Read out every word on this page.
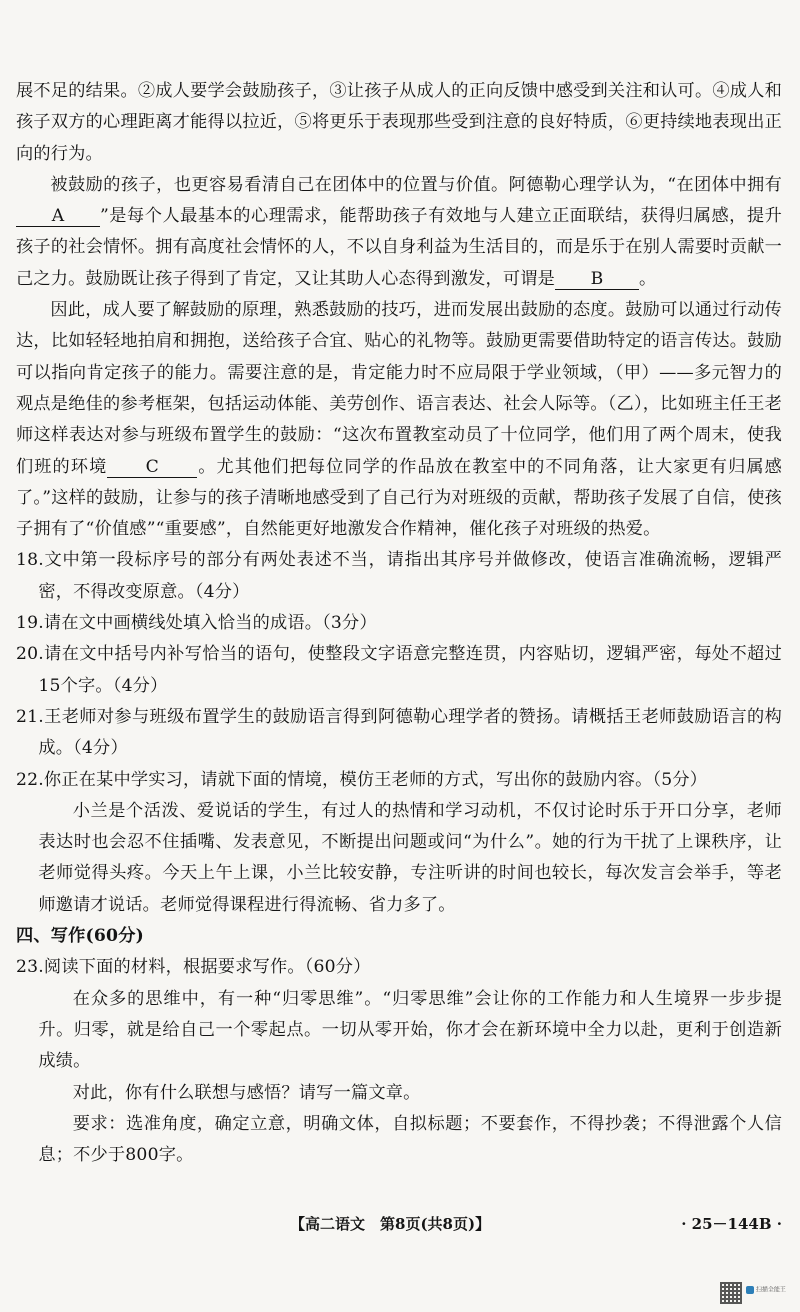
展不足的结果。②成人要学会鼓励孩子，③让孩子从成人的正向反馈中感受到关注和认可。④成人和孩子双方的心理距离才能得以拉近，⑤将更乐于表现那些受到注意的良好特质，⑥更持续地表现出正向的行为。

被鼓励的孩子，也更容易看清自己在团体中的位置与价值。阿德勒心理学认为，“在团体中拥有A ”是每个人最基本的心理需求，能帮助孩子有效地与人建立正面联结，获得归属感，提升孩子的社会情怀。拥有高度社会情怀的人，不以自身利益为生活目的，而是乐于在别人需要时贡献一己之力。鼓励既让孩子得到了肯定，又让其助人心态得到激发，可谓是 B 。

因此，成人要了解鼓励的原理，熟悉鼓励的技巧，进而发展出鼓励的态度。鼓励可以通过行动传达，比如轻轻地拍肩和拥抱，送给孩子合宜、贴心的礼物等。鼓励更需要借助特定的语言传达。鼓励可以指向肯定孩子的能力。需要注意的是，肯定能力时不应局限于学业领域，（甲）——多元智力的观点是绝佳的参考框架，包括运动体能、美劳创作、语言表达、社会人际等。（乙），比如班主任王老师这样表达对参与班级布置学生的鼓励：“这次布置教室动员了十位同学，他们用了两个周末，使我们班的环境 C 。尤其他们把每位同学的作品放在教室中的不同角落，让大家更有归属感了。”这样的鼓励，让参与的孩子清晰地感受到了自己行为对班级的贡献，帮助孩子发展了自信，使孩子拥有了“价值感”“重要感”，自然能更好地激发合作精神，催化孩子对班级的热爱。

18.文中第一段标序号的部分有两处表述不当，请指出其序号并做修改，使语言准确流畅，逻辑严密，不得改变原意。（4分）

19.请在文中画横线处填入恰当的成语。（3分）

20.请在文中括号内补写恰当的语句，使整段文字语意完整连贯，内容贴切，逻辑严密，每处不超过15个字。（4分）

21.王老师对参与班级布置学生的鼓励语言得到阿德勒心理学者的赞扬。请概括王老师鼓励语言的构成。（4分）

22.你正在某中学实习，请就下面的情境，模仿王老师的方式，写出你的鼓励内容。（5分）

小兰是个活泼、爱说话的学生，有过人的热情和学习动机，不仅讨论时乐于开口分享，老师表达时也会忍不住插嘴、发表意见，不断提出问题或问“为什么”。她的行为干扰了上课秩序，让老师觉得头疼。今天上午上课，小兰比较安静，专注听讲的时间也较长，每次发言会举手，等老师邀请才说话。老师觉得课程进行得流畅、省力多了。

四、写作(60分)

23.阅读下面的材料，根据要求写作。（60分）

在众多的思维中，有一种“归零思维”。“归零思维”会让你的工作能力和人生境界一步步提升。归零，就是给自己一个零起点。一切从零开始，你才会在新环境中全力以赴，更利于创造新成绩。

对此，你有什么联想与感悟？请写一篇文章。

要求：选准角度，确定立意，明确文体，自拟标题；不要套作，不得抄袭；不得泄露个人信息；不少于800字。

【高二语文　第8页(共8页)】	· 25－144B ·
扫描全能王
